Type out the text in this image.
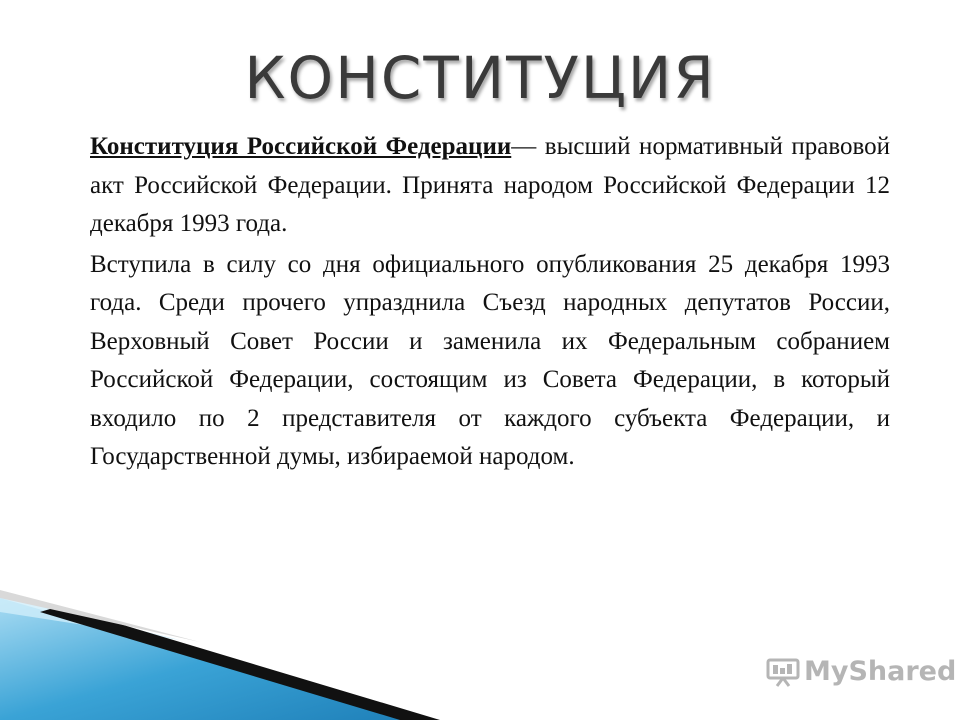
КОНСТИТУЦИЯ

Конституция Российской Федерации— высший нормативный правовой акт Российской Федерации. Принята народом Российской Федерации 12 декабря 1993 года.

Вступила в силу со дня официального опубликования 25 декабря 1993 года. Среди прочего упразднила Съезд народных депутатов России, Верховный Совет России и заменила их Федеральным собранием Российской Федерации, состоящим из Совета Федерации, в который входило по 2 представителя от каждого субъекта Федерации, и Государственной думы, избираемой народом.

MyShared
